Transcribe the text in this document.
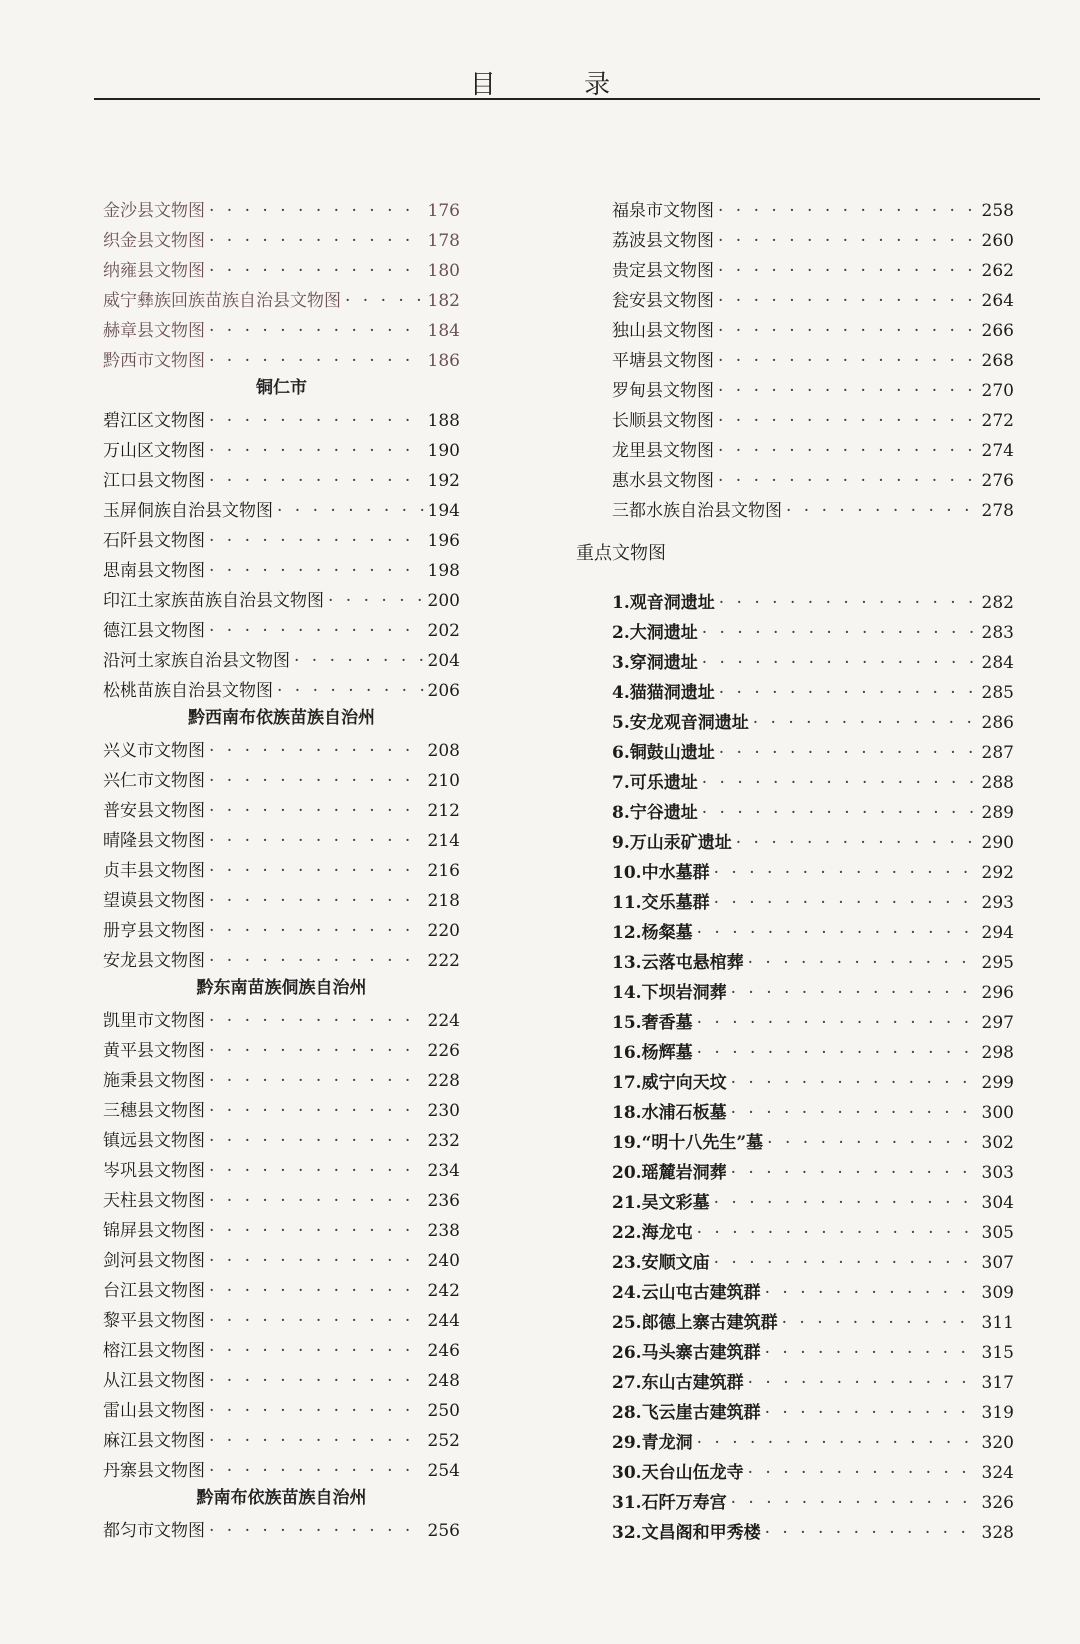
目 录
金沙县文物图 · · ·	176
织金县文物图 · · ·	178
纳雍县文物图 · · ·	180
威宁彝族回族苗族自治县文物图 · · ·	182
赫章县文物图 · · ·	184
黔西市文物图 · · ·	186
铜仁市
碧江区文物图 · · ·	188
万山区文物图 · · ·	190
江口县文物图 · · ·	192
玉屏侗族自治县文物图 · · ·	194
石阡县文物图 · · ·	196
思南县文物图 · · ·	198
印江土家族苗族自治县文物图 · · ·	200
德江县文物图 · · ·	202
沿河土家族自治县文物图 · · ·	204
松桃苗族自治县文物图 · · ·	206
黔西南布依族苗族自治州
兴义市文物图 · · ·	208
兴仁市文物图 · · ·	210
普安县文物图 · · ·	212
晴隆县文物图 · · ·	214
贞丰县文物图 · · ·	216
望谟县文物图 · · ·	218
册亨县文物图 · · ·	220
安龙县文物图 · · ·	222
黔东南苗族侗族自治州
凯里市文物图 · · ·	224
黄平县文物图 · · ·	226
施秉县文物图 · · ·	228
三穗县文物图 · · ·	230
镇远县文物图 · · ·	232
岑巩县文物图 · · ·	234
天柱县文物图 · · ·	236
锦屏县文物图 · · ·	238
剑河县文物图 · · ·	240
台江县文物图 · · ·	242
黎平县文物图 · · ·	244
榕江县文物图 · · ·	246
从江县文物图 · · ·	248
雷山县文物图 · · ·	250
麻江县文物图 · · ·	252
丹寨县文物图 · · ·	254
黔南布依族苗族自治州
都匀市文物图 · · ·	256
福泉市文物图 · · ·	258
荔波县文物图 · · ·	260
贵定县文物图 · · ·	262
瓮安县文物图 · · ·	264
独山县文物图 · · ·	266
平塘县文物图 · · ·	268
罗甸县文物图 · · ·	270
长顺县文物图 · · ·	272
龙里县文物图 · · ·	274
惠水县文物图 · · ·	276
三都水族自治县文物图 · · ·	278
重点文物图
1.观音洞遗址 · · ·	282
2.大洞遗址 · · ·	283
3.穿洞遗址 · · ·	284
4.猫猫洞遗址 · · ·	285
5.安龙观音洞遗址 · · ·	286
6.铜鼓山遗址 · · ·	287
7.可乐遗址 · · ·	288
8.宁谷遗址 · · ·	289
9.万山汞矿遗址 · · ·	290
10.中水墓群 · · ·	292
11.交乐墓群 · · ·	293
12.杨粲墓 · · ·	294
13.云落屯悬棺葬 · · ·	295
14.下坝岩洞葬 · · ·	296
15.奢香墓 · · ·	297
16.杨辉墓 · · ·	298
17.威宁向天坟 · · ·	299
18.水浦石板墓 · · ·	300
19.“明十八先生”墓 · · ·	302
20.瑶麓岩洞葬 · · ·	303
21.吴文彩墓 · · ·	304
22.海龙屯 · · ·	305
23.安顺文庙 · · ·	307
24.云山屯古建筑群 · · ·	309
25.郎德上寨古建筑群 · · ·	311
26.马头寨古建筑群 · · ·	315
27.东山古建筑群 · · ·	317
28.飞云崖古建筑群 · · ·	319
29.青龙洞 · · ·	320
30.天台山伍龙寺 · · ·	324
31.石阡万寿宫 · · ·	326
32.文昌阁和甲秀楼 · · ·	328
